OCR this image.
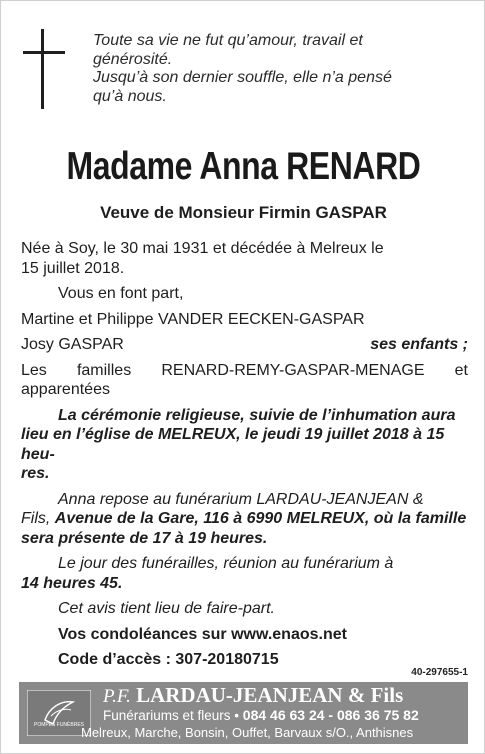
Toute sa vie ne fut qu’amour, travail et
générosité.
Jusqu’à son dernier souffle, elle n’a pensé
qu’à nous.
Madame Anna RENARD
Veuve de Monsieur Firmin GASPAR

Née à Soy, le 30 mai 1931 et décédée à Melreux le

15 juillet 2018.

Vous en font part,

Martine et Philippe VANDER EECKEN-GASPAR

Josy GASPAR	ses enfants ;

Les familles RENARD-REMY-GASPAR-MENAGE et

apparentées

La cérémonie religieuse, suivie de l’inhumation aura

lieu en l’église de MELREUX, le jeudi 19 juillet 2018 à 15 heu-

res.

Anna repose au funérarium LARDAU-JEANJEAN &

Fils, Avenue de la Gare, 116 à 6990 MELREUX, où la famille

sera présente de 17 à 19 heures.

Le jour des funérailles, réunion au funérarium à

14 heures 45.

Cet avis tient lieu de faire-part.

Vos condoléances sur www.enaos.net

Code d’accès : 307-20180715

40-297655-1
POMPES FUNÈBRES
P.F. LARDAU-JEANJEAN & Fils
Funérariums et fleurs • 084 46 63 24 - 086 36 75 82
Melreux, Marche, Bonsin, Ouffet, Barvaux s/O., Anthisnes
